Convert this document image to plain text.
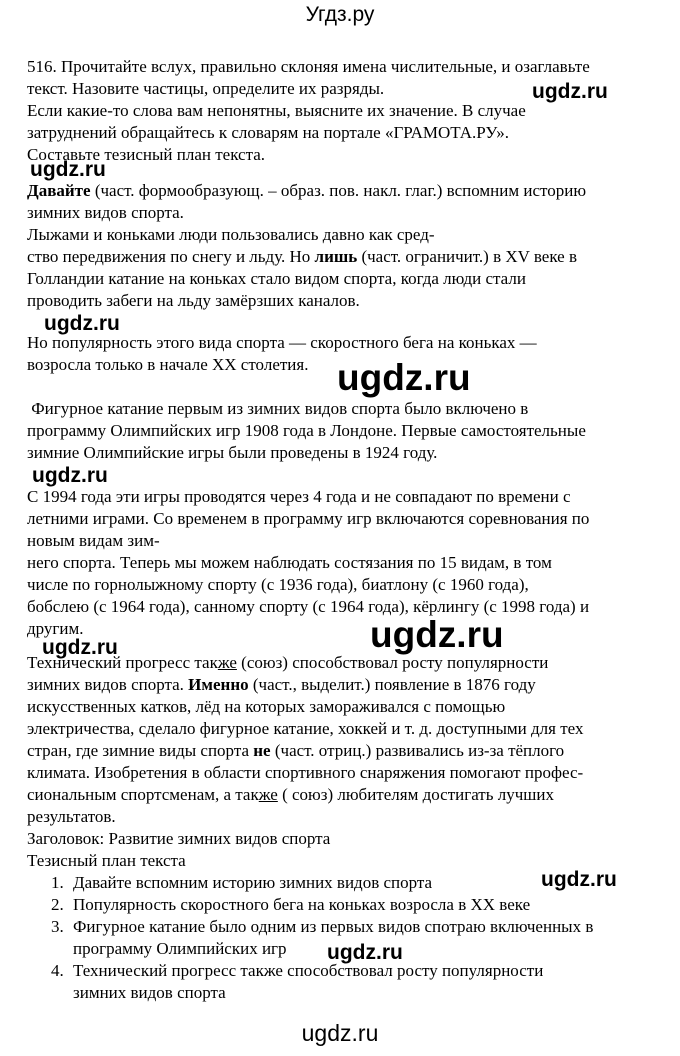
Угдз.ру
516. Прочитайте вслух, правильно склоняя имена числительные, и озаглавьте
текст. Назовите частицы, определите их разряды.
Если какие-то слова вам непонятны, выясните их значение. В случае
затруднений обращайтесь к словарям на портале «ГРАМОТА.РУ».
Составьте тезисный план текста.
Давайте (част. формообразующ. – образ. пов. накл. глаг.) вспомним историю
зимних видов спорта.
Лыжами и коньками люди пользовались давно как сред-
ство передвижения по снегу и льду. Но лишь (част. ограничит.) в XV веке в
Голландии катание на коньках стало видом спорта, когда люди стали
проводить забеги на льду замёрзших каналов.
Но популярность этого вида спорта — скоростного бега на коньках —
возросла только в начале XX столетия.
Фигурное катание первым из зимних видов спорта было включено в
программу Олимпийских игр 1908 года в Лондоне. Первые самостоятельные
зимние Олимпийские игры были проведены в 1924 году.
С 1994 года эти игры проводятся через 4 года и не совпадают по времени с
летними играми. Со временем в программу игр включаются соревнования по
новым видам зим-
него спорта. Теперь мы можем наблюдать состязания по 15 видам, в том
числе по горнолыжному спорту (с 1936 года), биатлону (с 1960 года),
бобслею (с 1964 года), санному спорту (с 1964 года), кёрлингу (с 1998 года) и
другим.
Технический прогресс также (союз) способствовал росту популярности
зимних видов спорта. Именно (част., выделит.) появление в 1876 году
искусственных катков, лёд на которых замораживался с помощью
электричества, сделало фигурное катание, хоккей и т. д. доступными для тех
стран, где зимние виды спорта не (част. отриц.) развивались из-за тёплого
климата. Изобретения в области спортивного снаряжения помогают профес-
сиональным спортсменам, а также ( союз) любителям достигать лучших
результатов.
Заголовок: Развитие зимних видов спорта
Тезисный план текста
1. Давайте вспомним историю зимних видов спорта
2. Популярность скоростного бега на коньках возросла в XX веке
3. Фигурное катание было одним из первых видов спотраю включенных в
программу Олимпийских игр
4. Технический прогресс также способствовал росту популярности
зимних видов спорта
ugdz.ru
ugdz.ru
ugdz.ru
ugdz.ru
ugdz.ru
ugdz.ru	ugdz.ru
ugdz.ru
ugdz.ru
ugdz.ru
